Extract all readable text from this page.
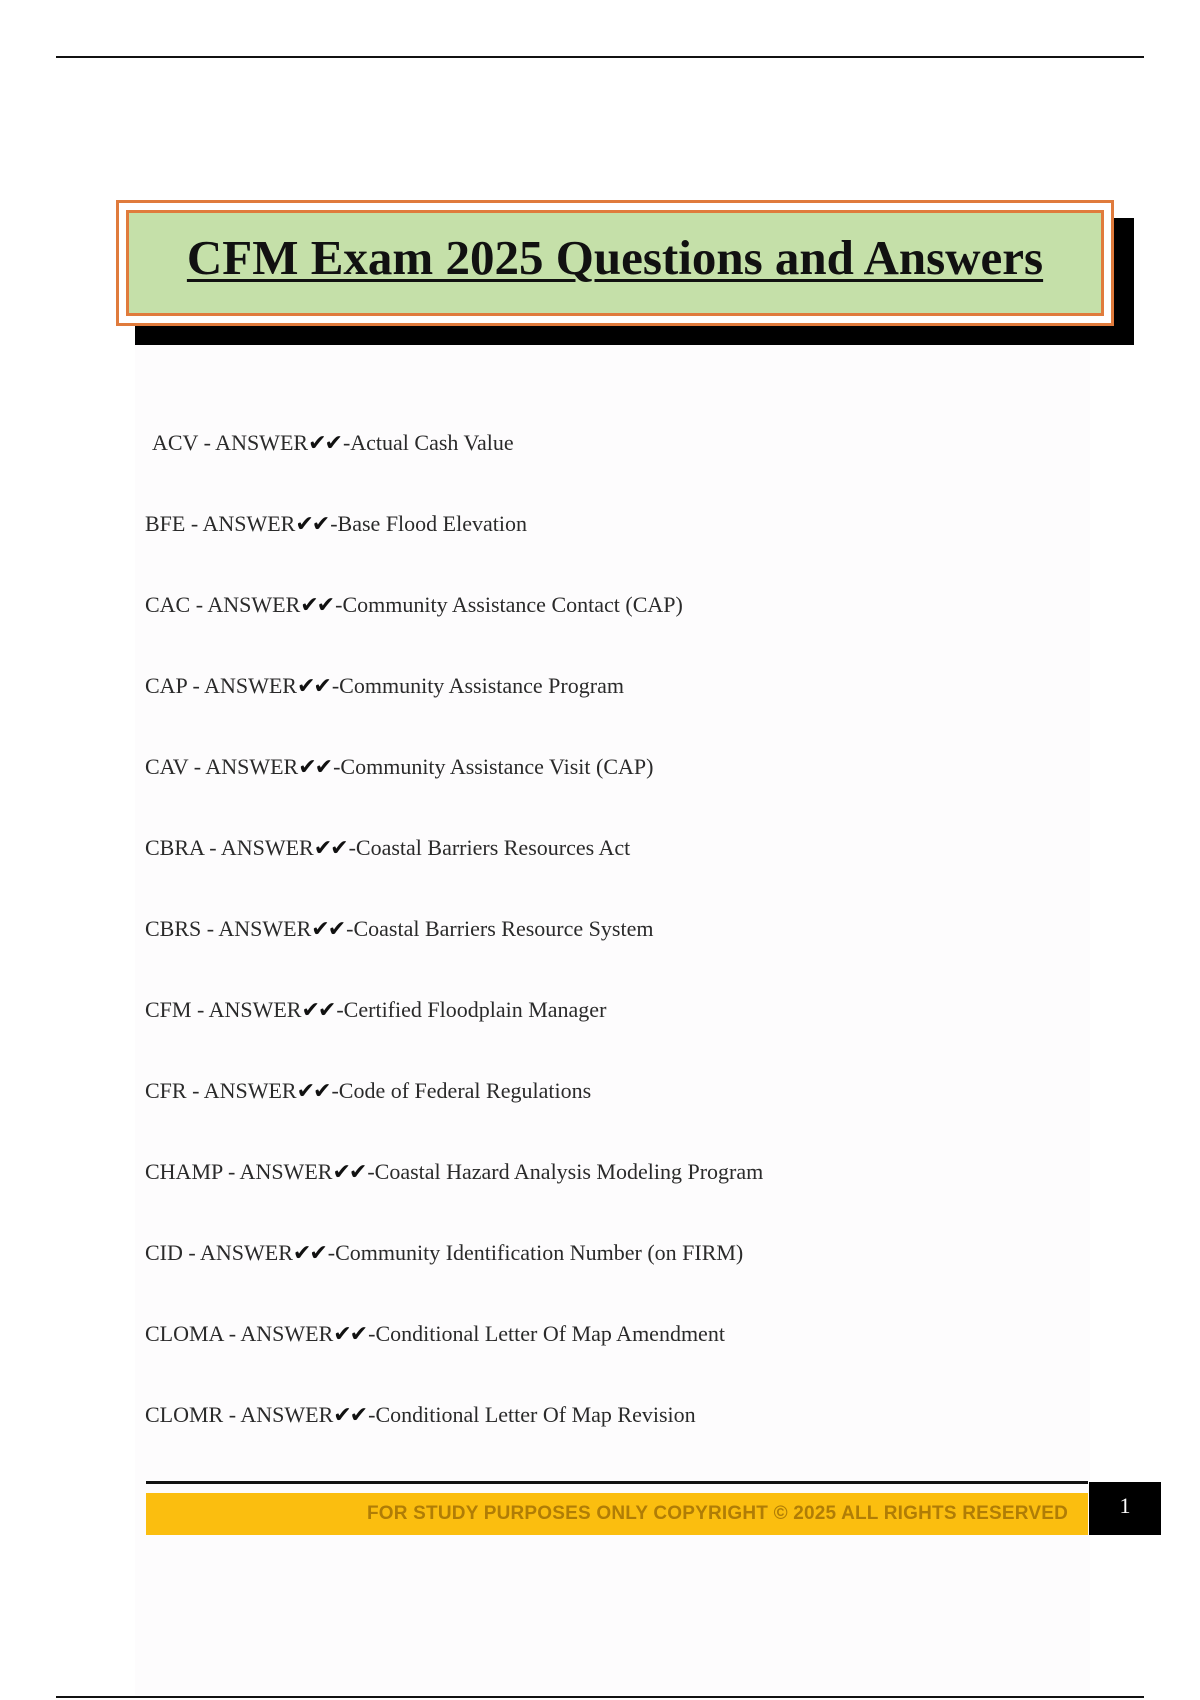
CFM Exam 2025 Questions and Answers
ACV - ANSWER✔✔-Actual Cash Value
BFE - ANSWER✔✔-Base Flood Elevation
CAC - ANSWER✔✔-Community Assistance Contact (CAP)
CAP - ANSWER✔✔-Community Assistance Program
CAV - ANSWER✔✔-Community Assistance Visit (CAP)
CBRA - ANSWER✔✔-Coastal Barriers Resources Act
CBRS - ANSWER✔✔-Coastal Barriers Resource System
CFM - ANSWER✔✔-Certified Floodplain Manager
CFR - ANSWER✔✔-Code of Federal Regulations
CHAMP - ANSWER✔✔-Coastal Hazard Analysis Modeling Program
CID - ANSWER✔✔-Community Identification Number (on FIRM)
CLOMA - ANSWER✔✔-Conditional Letter Of Map Amendment
CLOMR - ANSWER✔✔-Conditional Letter Of Map Revision
FOR STUDY PURPOSES ONLY COPYRIGHT © 2025 ALL RIGHTS RESERVED 1
